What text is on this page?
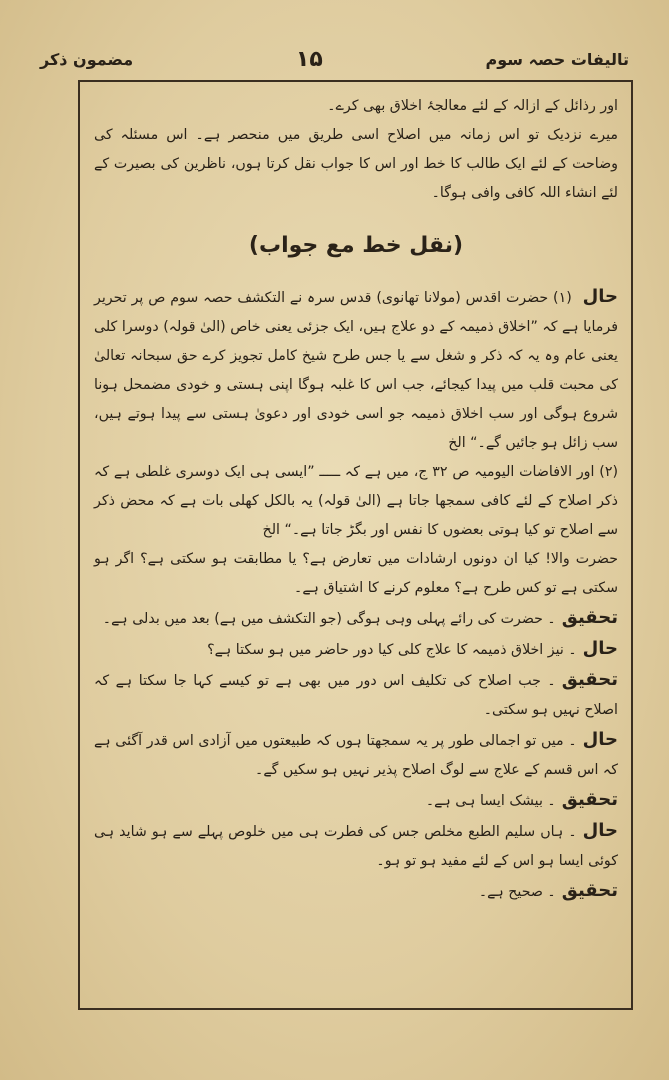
تالیفات حصہ سوم
۱۵
مضمون ذکر

اور رذائل کے ازالہ کے لئے معالجۂ اخلاق بھی کرے۔

میرے نزدیک تو اس زمانہ میں اصلاح اسی طریق میں منحصر ہے۔ اس مسئلہ کی وضاحت کے لئے ایک طالب کا خط اور اس کا جواب نقل کرتا ہوں، ناظرین کی بصیرت کے لئے انشاء اللہ کافی وافی ہوگا۔

(نقل خط مع جواب)

حال (۱) حضرت اقدس (مولانا تھانوی) قدس سرہ نے التکشف حصہ سوم ص پر تحریر فرمایا ہے کہ ”اخلاق ذمیمہ کے دو علاج ہیں، ایک جزئی یعنی خاص (الیٰ قولہ) دوسرا کلی یعنی عام وہ یہ کہ ذکر و شغل سے یا جس طرح شیخ کامل تجویز کرے حق سبحانہ تعالیٰ کی محبت قلب میں پیدا کیجائے، جب اس کا غلبہ ہوگا اپنی ہستی و خودی مضمحل ہونا شروع ہوگی اور سب اخلاق ذمیمہ جو اسی خودی اور دعویٰ ہستی سے پیدا ہوتے ہیں، سب زائل ہو جائیں گے۔“ الخ

(۲) اور الافاضات الیومیہ ص ۳۲ ج، میں ہے کہ ـــــ ”ایسی ہی ایک دوسری غلطی ہے کہ ذکر اصلاح کے لئے کافی سمجھا جاتا ہے (الیٰ قولہ) یہ بالکل کھلی بات ہے کہ محض ذکر سے اصلاح تو کیا ہوتی بعضوں کا نفس اور بگڑ جاتا ہے۔“ الخ

حضرت والا! کیا ان دونوں ارشادات میں تعارض ہے؟ یا مطابقت ہو سکتی ہے؟ اگر ہو سکتی ہے تو کس طرح ہے؟ معلوم کرنے کا اشتیاق ہے۔

تحقیق۔ حضرت کی رائے پہلی وہی ہوگی (جو التکشف میں ہے) بعد میں بدلی ہے۔

حال۔ نیز اخلاق ذمیمہ کا علاج کلی کیا دور حاضر میں ہو سکتا ہے؟

تحقیق۔ جب اصلاح کی تکلیف اس دور میں بھی ہے تو کیسے کہا جا سکتا ہے کہ اصلاح نہیں ہو سکتی۔

حال۔ میں تو اجمالی طور پر یہ سمجھتا ہوں کہ طبیعتوں میں آزادی اس قدر آگئی ہے کہ اس قسم کے علاج سے لوگ اصلاح پذیر نہیں ہو سکیں گے۔

تحقیق۔ بیشک ایسا ہی ہے۔

حال۔ ہاں سلیم الطبع مخلص جس کی فطرت ہی میں خلوص پہلے سے ہو شاید ہی کوئی ایسا ہو اس کے لئے مفید ہو تو ہو۔

تحقیق۔ صحیح ہے۔
